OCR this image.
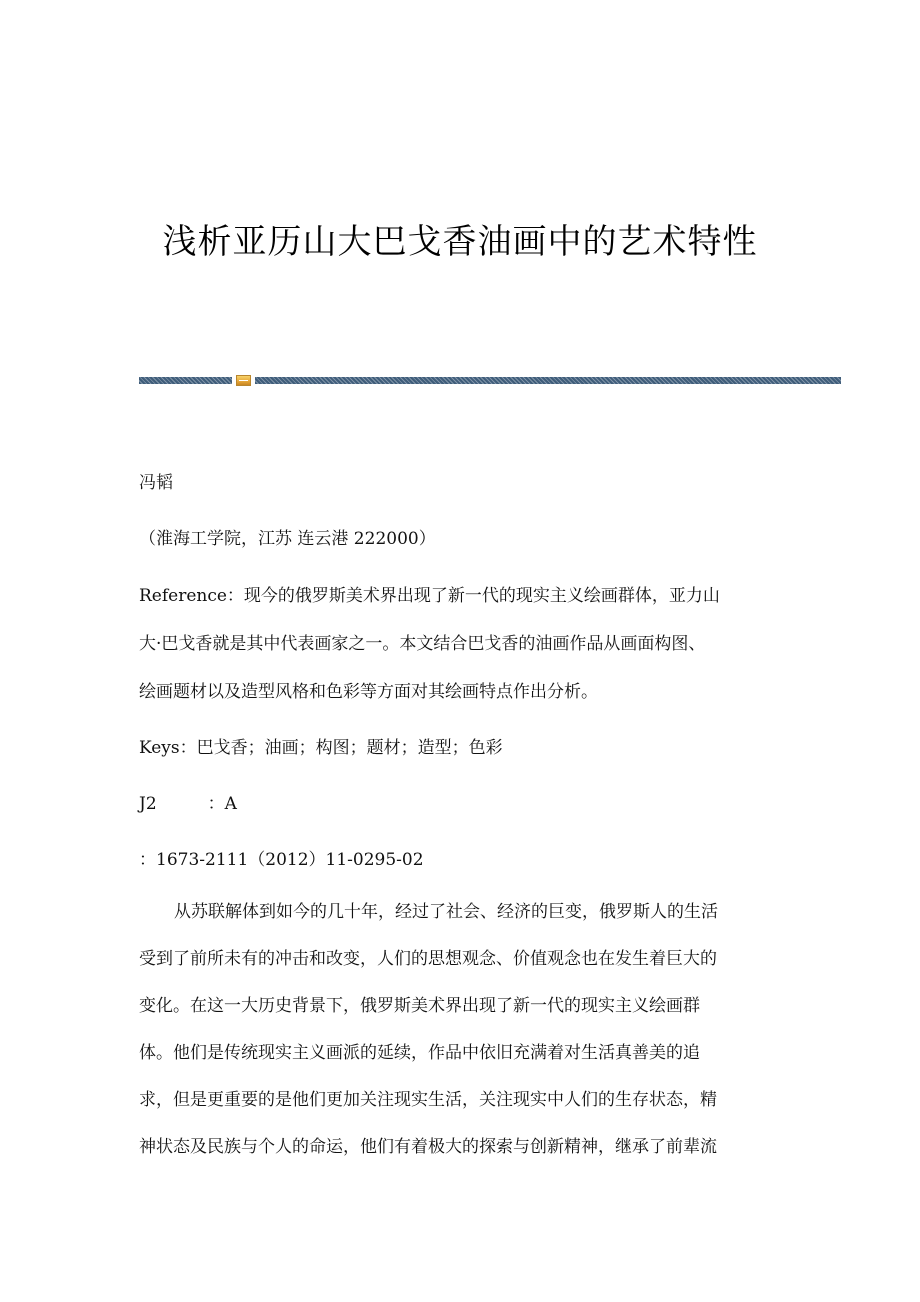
浅析亚历山大巴戈香油画中的艺术特性
冯韬
（淮海工学院，江苏 连云港 222000）
Reference：现今的俄罗斯美术界出现了新一代的现实主义绘画群体，亚力山
大·巴戈香就是其中代表画家之一。本文结合巴戈香的油画作品从画面构图、
绘画题材以及造型风格和色彩等方面对其绘画特点作出分析。
Keys：巴戈香；油画；构图；题材；造型；色彩
J2　　　：A
：1673-2111（2012）11-0295-02

从苏联解体到如今的几十年，经过了社会、经济的巨变，俄罗斯人的生活

受到了前所未有的冲击和改变，人们的思想观念、价值观念也在发生着巨大的

变化。在这一大历史背景下，俄罗斯美术界出现了新一代的现实主义绘画群

体。他们是传统现实主义画派的延续，作品中依旧充满着对生活真善美的追

求，但是更重要的是他们更加关注现实生活，关注现实中人们的生存状态，精

神状态及民族与个人的命运，他们有着极大的探索与创新精神，继承了前辈流
